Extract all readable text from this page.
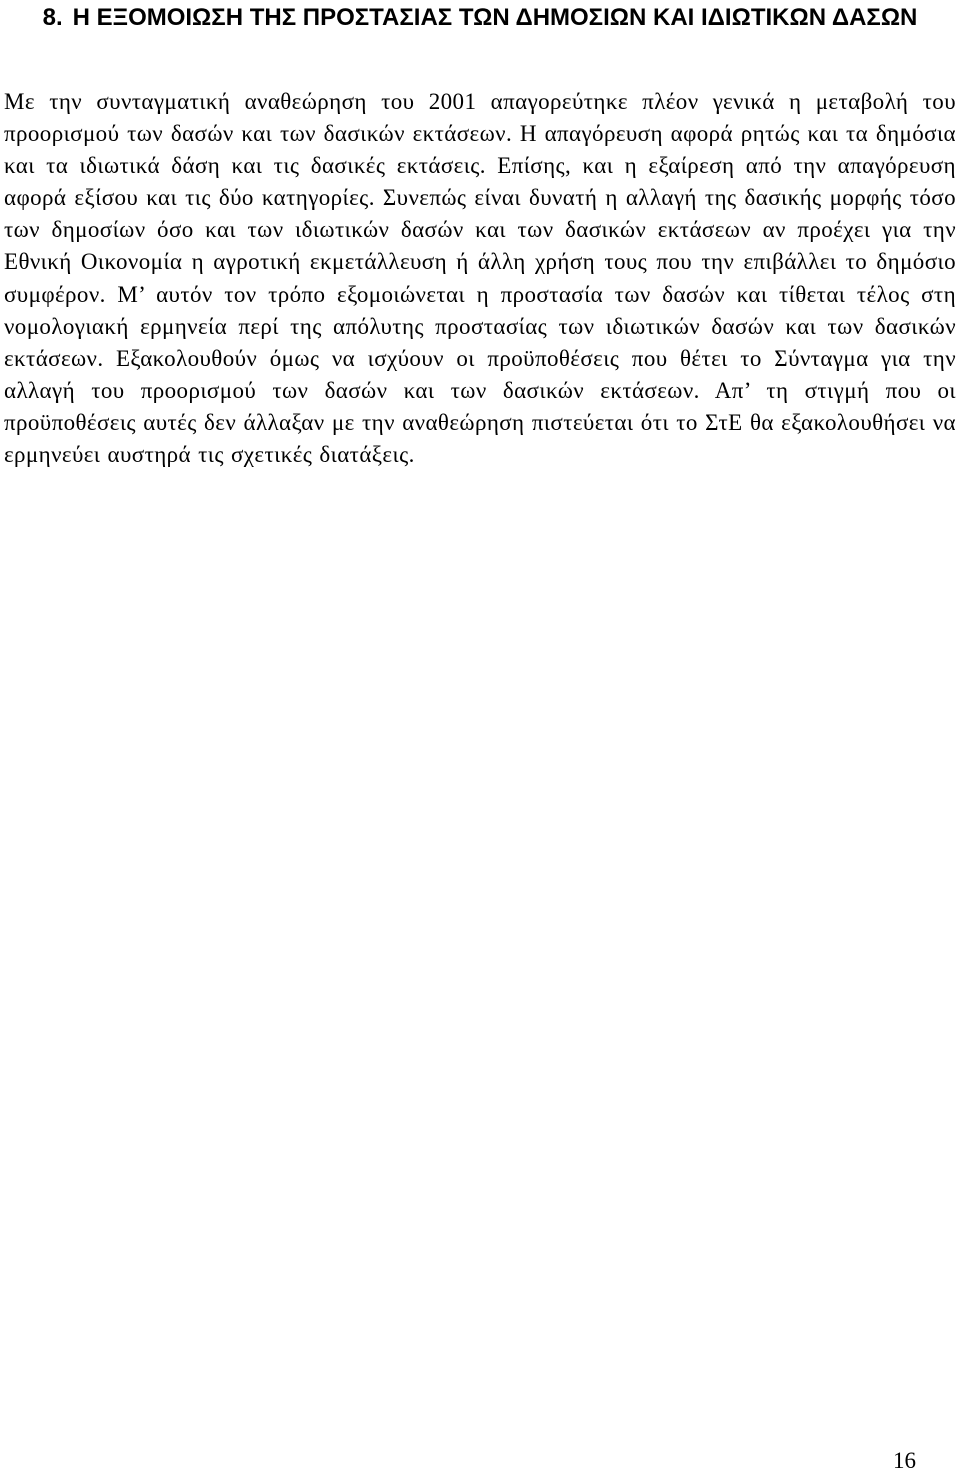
8. Η ΕΞΟΜΟΙΩΣΗ ΤΗΣ ΠΡΟΣΤΑΣΙΑΣ ΤΩΝ ΔΗΜΟΣΙΩΝ ΚΑΙ ΙΔΙΩΤΙΚΩΝ ΔΑΣΩΝ

Με την συνταγματική αναθεώρηση του 2001 απαγορεύτηκε πλέον γενικά η μεταβολή του προορισμού των δασών και των δασικών εκτάσεων. Η απαγόρευση αφορά ρητώς και τα δημόσια και τα ιδιωτικά δάση και τις δασικές εκτάσεις. Επίσης, και η εξαίρεση από την απαγόρευση αφορά εξίσου και τις δύο κατηγορίες. Συνεπώς είναι δυνατή η αλλαγή της δασικής μορφής τόσο των δημοσίων όσο και των ιδιωτικών δασών και των δασικών εκτάσεων αν προέχει για την Εθνική Οικονομία η αγροτική εκμετάλλευση ή άλλη χρήση τους που την επιβάλλει το δημόσιο συμφέρον. Μ’ αυτόν τον τρόπο εξομοιώνεται η προστασία των δασών και τίθεται τέλος στη νομολογιακή ερμηνεία περί της απόλυτης προστασίας των ιδιωτικών δασών και των δασικών εκτάσεων. Εξακολουθούν όμως να ισχύουν οι προϋποθέσεις που θέτει το Σύνταγμα για την αλλαγή του προορισμού των δασών και των δασικών εκτάσεων. Απ’ τη στιγμή που οι προϋποθέσεις αυτές δεν άλλαξαν με την αναθεώρηση πιστεύεται ότι το ΣτΕ θα εξακολουθήσει να ερμηνεύει αυστηρά τις σχετικές διατάξεις.

16
